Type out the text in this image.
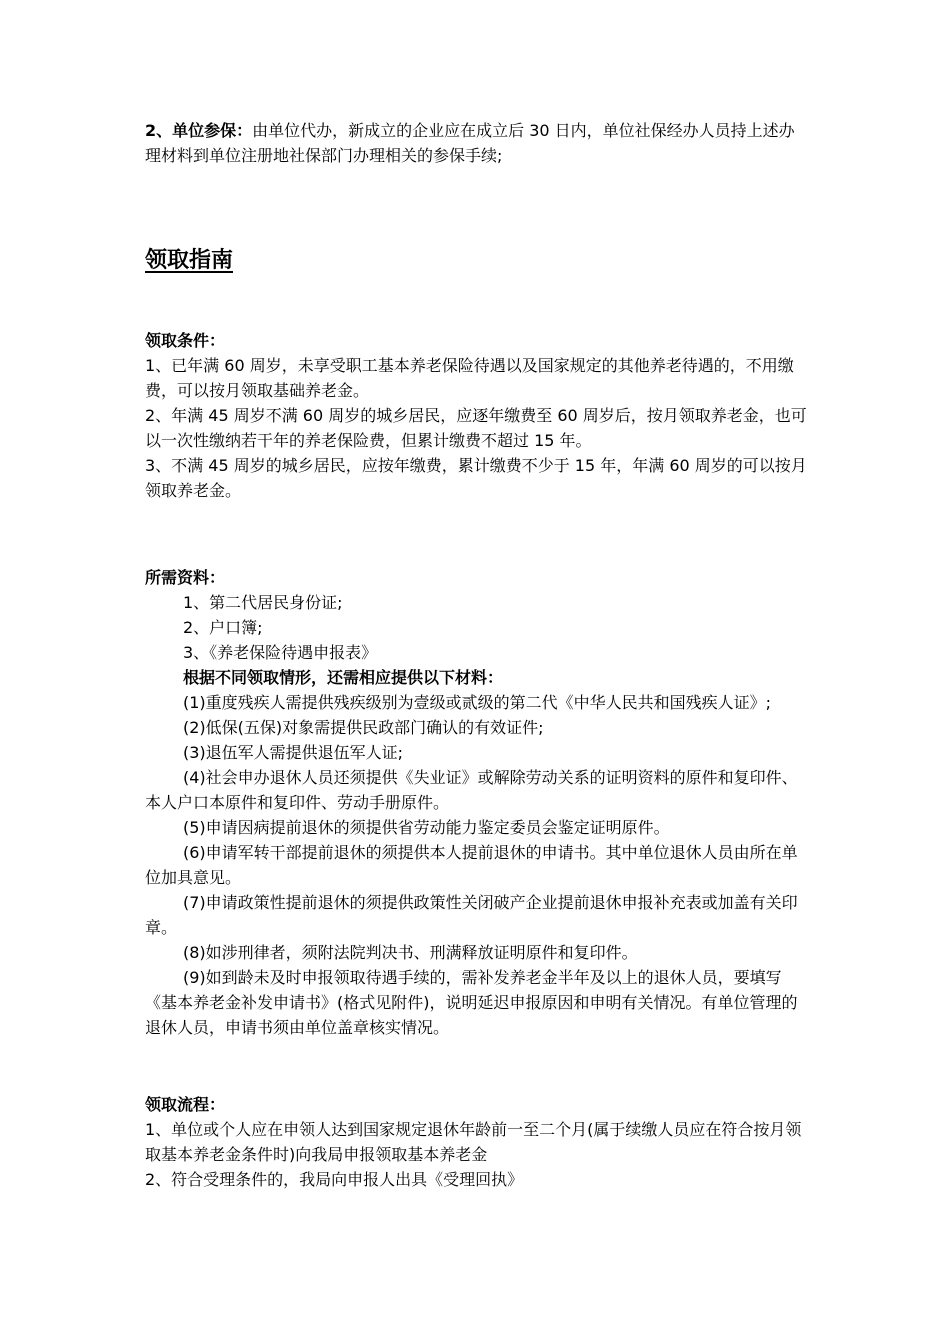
2、单位参保：由单位代办，新成立的企业应在成立后 30 日内，单位社保经办人员持上述办理材料到单位注册地社保部门办理相关的参保手续;

领取指南

领取条件：

1、已年满 60 周岁，未享受职工基本养老保险待遇以及国家规定的其他养老待遇的，不用缴费，可以按月领取基础养老金。

2、年满 45 周岁不满 60 周岁的城乡居民，应逐年缴费至 60 周岁后，按月领取养老金，也可以一次性缴纳若干年的养老保险费，但累计缴费不超过 15 年。

3、不满 45 周岁的城乡居民，应按年缴费，累计缴费不少于 15 年，年满 60 周岁的可以按月领取养老金。

所需资料：

1、第二代居民身份证;

2、户口簿;

3、《养老保险待遇申报表》

根据不同领取情形，还需相应提供以下材料：

(1)重度残疾人需提供残疾级别为壹级或贰级的第二代《中华人民共和国残疾人证》;

(2)低保(五保)对象需提供民政部门确认的有效证件;

(3)退伍军人需提供退伍军人证;

(4)社会申办退休人员还须提供《失业证》或解除劳动关系的证明资料的原件和复印件、本人户口本原件和复印件、劳动手册原件。

(5)申请因病提前退休的须提供省劳动能力鉴定委员会鉴定证明原件。

(6)申请军转干部提前退休的须提供本人提前退休的申请书。其中单位退休人员由所在单位加具意见。

(7)申请政策性提前退休的须提供政策性关闭破产企业提前退休申报补充表或加盖有关印章。

(8)如涉刑律者，须附法院判决书、刑满释放证明原件和复印件。

(9)如到龄未及时申报领取待遇手续的，需补发养老金半年及以上的退休人员，要填写《基本养老金补发申请书》(格式见附件)，说明延迟申报原因和申明有关情况。有单位管理的退休人员，申请书须由单位盖章核实情况。

领取流程：

1、单位或个人应在申领人达到国家规定退休年龄前一至二个月(属于续缴人员应在符合按月领取基本养老金条件时)向我局申报领取基本养老金

2、符合受理条件的，我局向申报人出具《受理回执》
